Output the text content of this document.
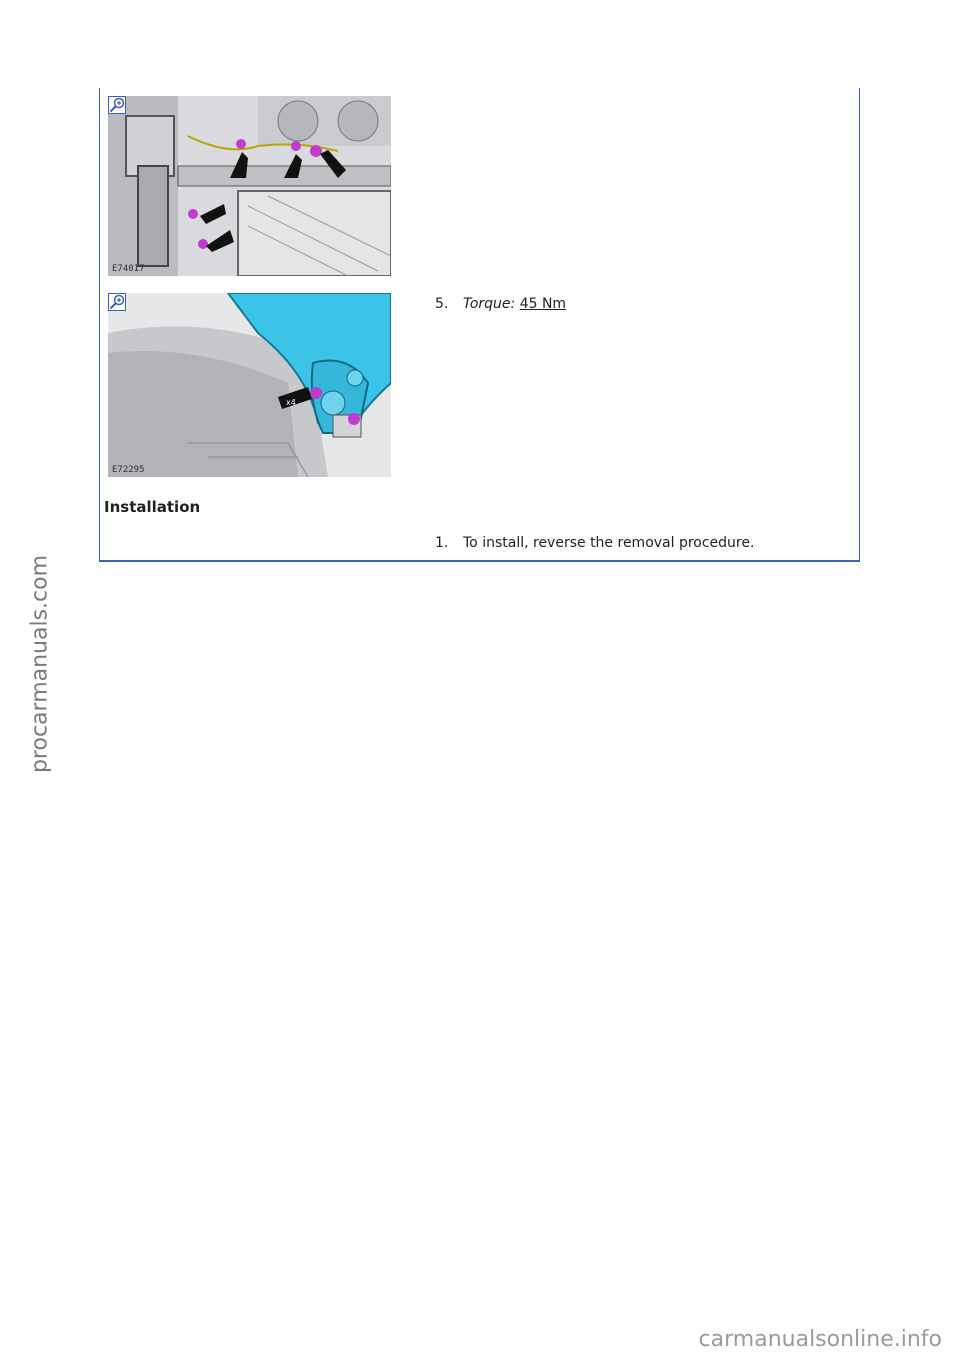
E74017
x4
E72295
5. Torque: 45 Nm
Installation
1. To install, reverse the removal procedure.
procarmanuals.com
carmanualsonline.info
